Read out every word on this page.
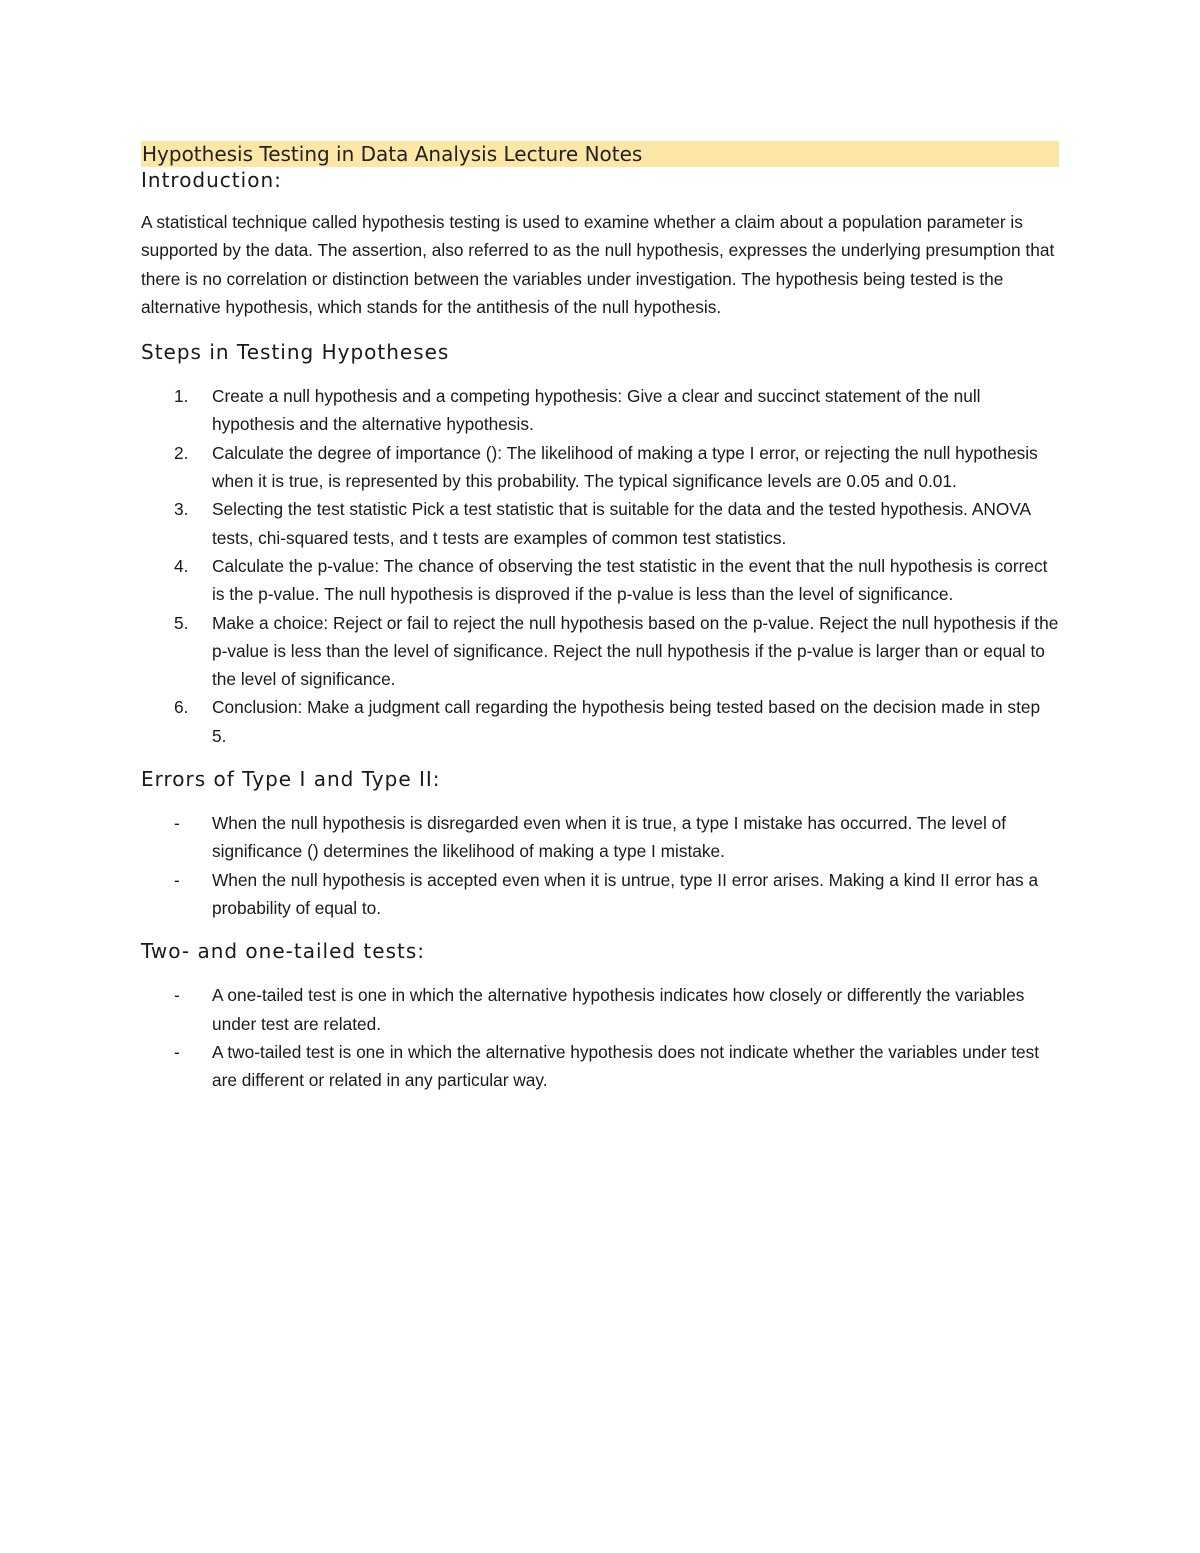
Hypothesis Testing in Data Analysis Lecture Notes
Introduction:

A statistical technique called hypothesis testing is used to examine whether a claim about a population parameter is supported by the data. The assertion, also referred to as the null hypothesis, expresses the underlying presumption that there is no correlation or distinction between the variables under investigation. The hypothesis being tested is the alternative hypothesis, which stands for the antithesis of the null hypothesis.

Steps in Testing Hypotheses
1. Create a null hypothesis and a competing hypothesis: Give a clear and succinct statement of the null hypothesis and the alternative hypothesis.
2. Calculate the degree of importance (): The likelihood of making a type I error, or rejecting the null hypothesis when it is true, is represented by this probability. The typical significance levels are 0.05 and 0.01.
3. Selecting the test statistic Pick a test statistic that is suitable for the data and the tested hypothesis. ANOVA tests, chi-squared tests, and t tests are examples of common test statistics.
4. Calculate the p-value: The chance of observing the test statistic in the event that the null hypothesis is correct is the p-value. The null hypothesis is disproved if the p-value is less than the level of significance.
5. Make a choice: Reject or fail to reject the null hypothesis based on the p-value. Reject the null hypothesis if the p-value is less than the level of significance. Reject the null hypothesis if the p-value is larger than or equal to the level of significance.
6. Conclusion: Make a judgment call regarding the hypothesis being tested based on the decision made in step 5.
Errors of Type I and Type II:
- When the null hypothesis is disregarded even when it is true, a type I mistake has occurred. The level of significance () determines the likelihood of making a type I mistake.
- When the null hypothesis is accepted even when it is untrue, type II error arises. Making a kind II error has a probability of equal to.
Two- and one-tailed tests:
- A one-tailed test is one in which the alternative hypothesis indicates how closely or differently the variables under test are related.
- A two-tailed test is one in which the alternative hypothesis does not indicate whether the variables under test are different or related in any particular way.
